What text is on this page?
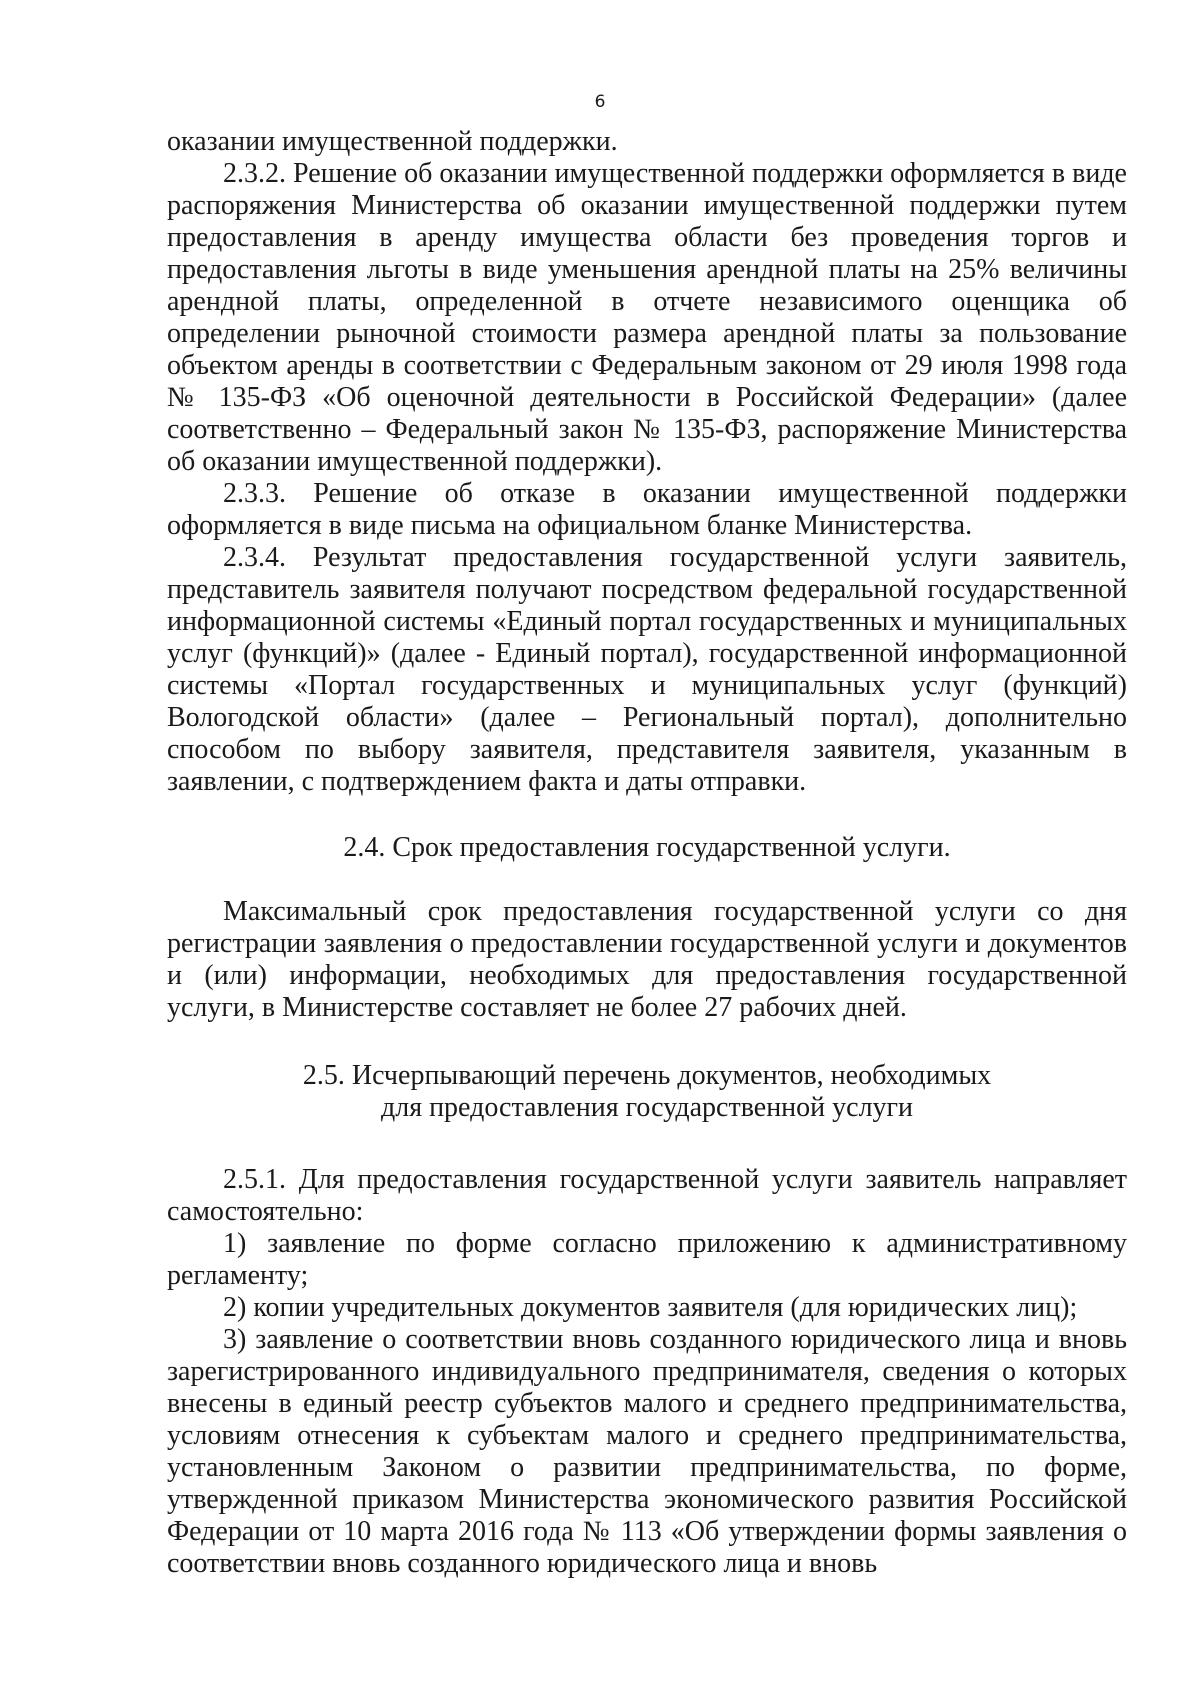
6

оказании имущественной поддержки.

2.3.2. Решение об оказании имущественной поддержки оформляется в виде распоряжения Министерства об оказании имущественной поддержки путем предоставления в аренду имущества области без проведения торгов и предоставления льготы в виде уменьшения арендной платы на 25% величины арендной платы, определенной в отчете независимого оценщика об определении рыночной стоимости размера арендной платы за пользование объектом аренды в соответствии с Федеральным законом от 29 июля 1998 года № 135-ФЗ «Об оценочной деятельности в Российской Федерации» (далее соответственно – Федеральный закон № 135-ФЗ, распоряжение Министерства об оказании имущественной поддержки).

2.3.3. Решение об отказе в оказании имущественной поддержки оформляется в виде письма на официальном бланке Министерства.

2.3.4. Результат предоставления государственной услуги заявитель, представитель заявителя получают посредством федеральной государственной информационной системы «Единый портал государственных и муниципальных услуг (функций)» (далее - Единый портал), государственной информационной системы «Портал государственных и муниципальных услуг (функций) Вологодской области» (далее – Региональный портал), дополнительно способом по выбору заявителя, представителя заявителя, указанным в заявлении, с подтверждением факта и даты отправки.

2.4. Срок предоставления государственной услуги.

Максимальный срок предоставления государственной услуги со дня регистрации заявления о предоставлении государственной услуги и документов и (или) информации, необходимых для предоставления государственной услуги, в Министерстве составляет не более 27 рабочих дней.

2.5. Исчерпывающий перечень документов, необходимых
для предоставления государственной услуги

2.5.1. Для предоставления государственной услуги заявитель направляет самостоятельно:

1) заявление по форме согласно приложению к административному регламенту;

2) копии учредительных документов заявителя (для юридических лиц);

3) заявление о соответствии вновь созданного юридического лица и вновь зарегистрированного индивидуального предпринимателя, сведения о которых внесены в единый реестр субъектов малого и среднего предпринимательства, условиям отнесения к субъектам малого и среднего предпринимательства, установленным Законом о развитии предпринимательства, по форме, утвержденной приказом Министерства экономического развития Российской Федерации от 10 марта 2016 года № 113 «Об утверждении формы заявления о соответствии вновь созданного юридического лица и вновь
